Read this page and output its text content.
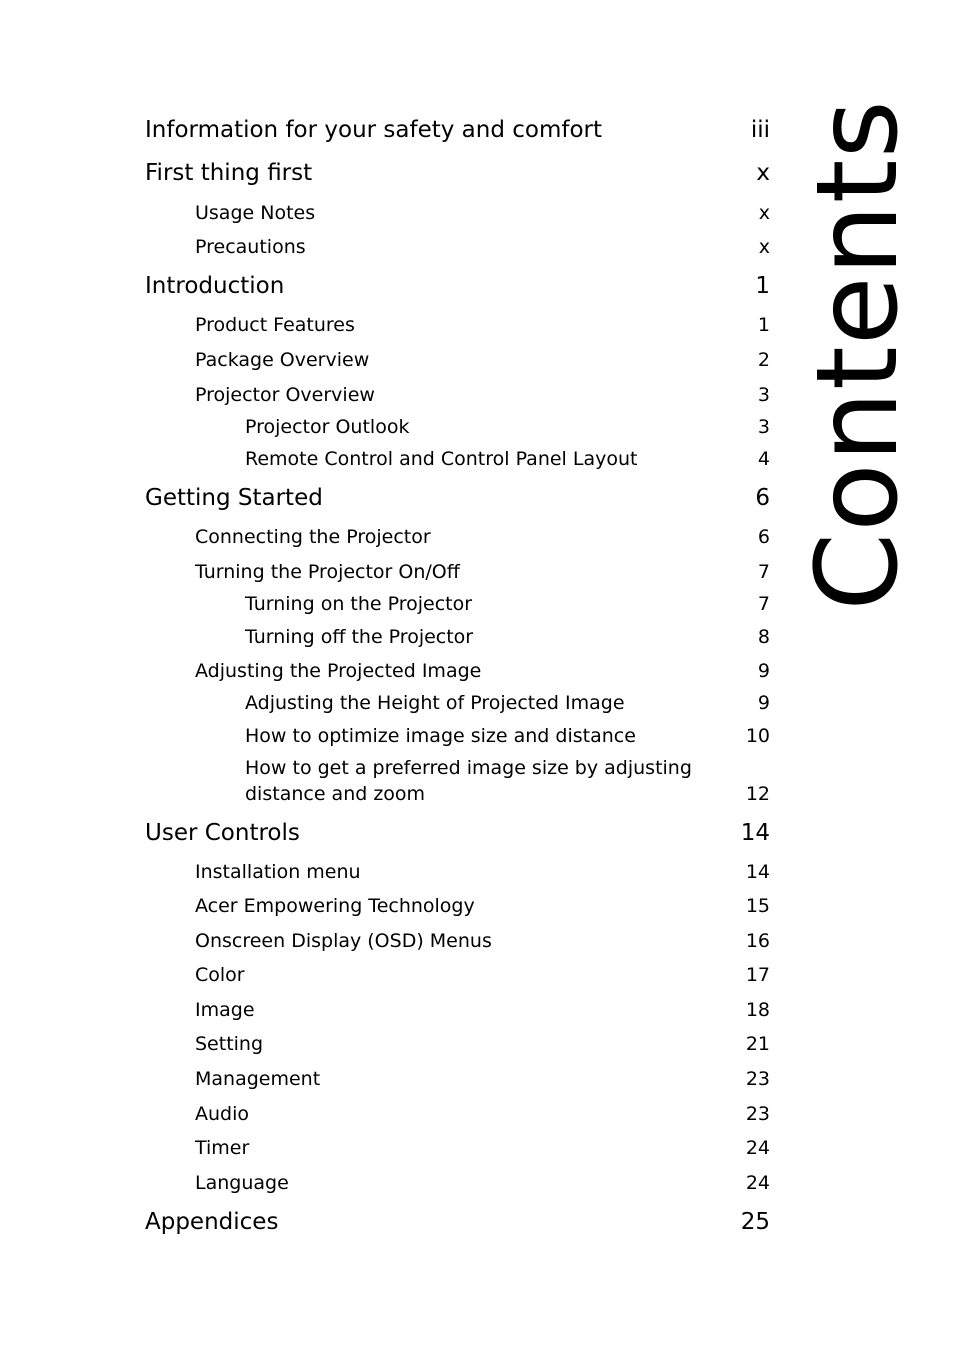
Information for your safety and comfort	iii
First thing first	x
Usage Notes	x
Precautions	x
Introduction	1
Product Features	1
Package Overview	2
Projector Overview	3
Projector Outlook	3
Remote Control and Control Panel Layout	4
Getting Started	6
Connecting the Projector	6
Turning the Projector On/Off	7
Turning on the Projector	7
Turning off the Projector	8
Adjusting the Projected Image	9
Adjusting the Height of Projected Image	9
How to optimize image size and distance	10
How to get a preferred image size by adjusting distance and zoom	12
User Controls	14
Installation menu	14
Acer Empowering Technology	15
Onscreen Display (OSD) Menus	16
Color	17
Image	18
Setting	21
Management	23
Audio	23
Timer	24
Language	24
Appendices	25
Contents
